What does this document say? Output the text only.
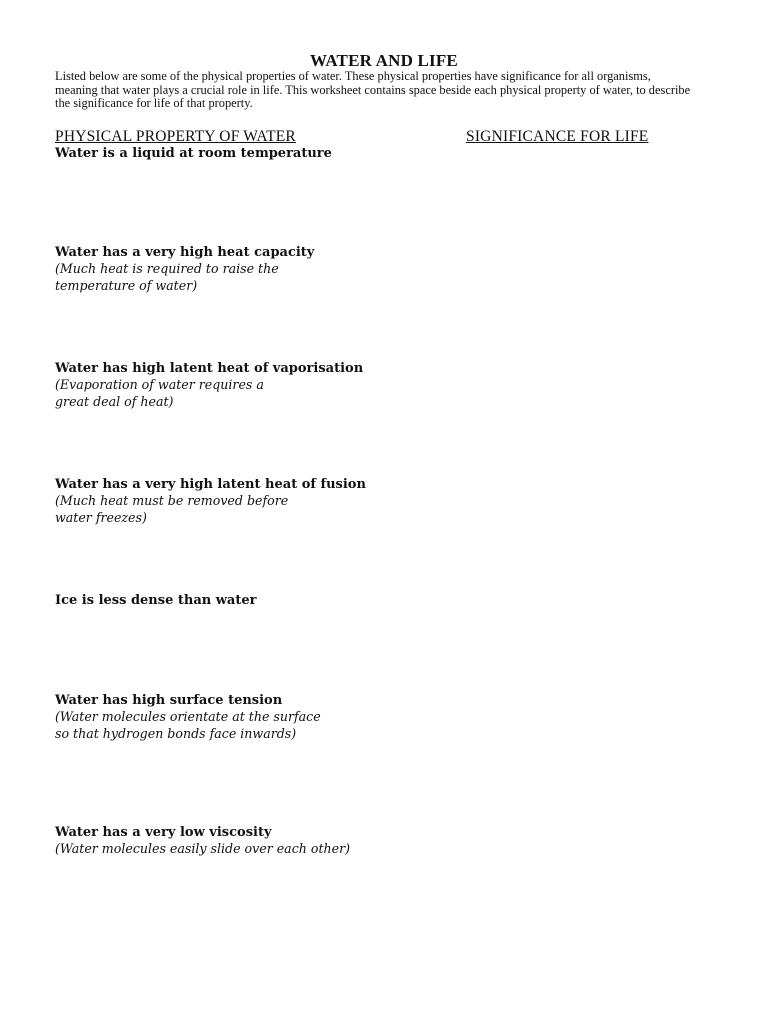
WATER AND LIFE
Listed below are some of the physical properties of water. These physical properties have significance for all organisms, meaning that water plays a crucial role in life. This worksheet contains space beside each physical property of water, to describe the significance for life of that property.
PHYSICAL PROPERTY OF WATER	SIGNIFICANCE FOR LIFE
Water is a liquid at room temperature
Water has a very high heat capacity
(Much heat is required to raise the
temperature of water)
Water has high latent heat of vaporisation
(Evaporation of water requires a
great deal of heat)
Water has a very high latent heat of fusion
(Much heat must be removed before
water freezes)
Ice is less dense than water
Water has high surface tension
(Water molecules orientate at the surface
so that hydrogen bonds face inwards)
Water has a very low viscosity
(Water molecules easily slide over each other)
